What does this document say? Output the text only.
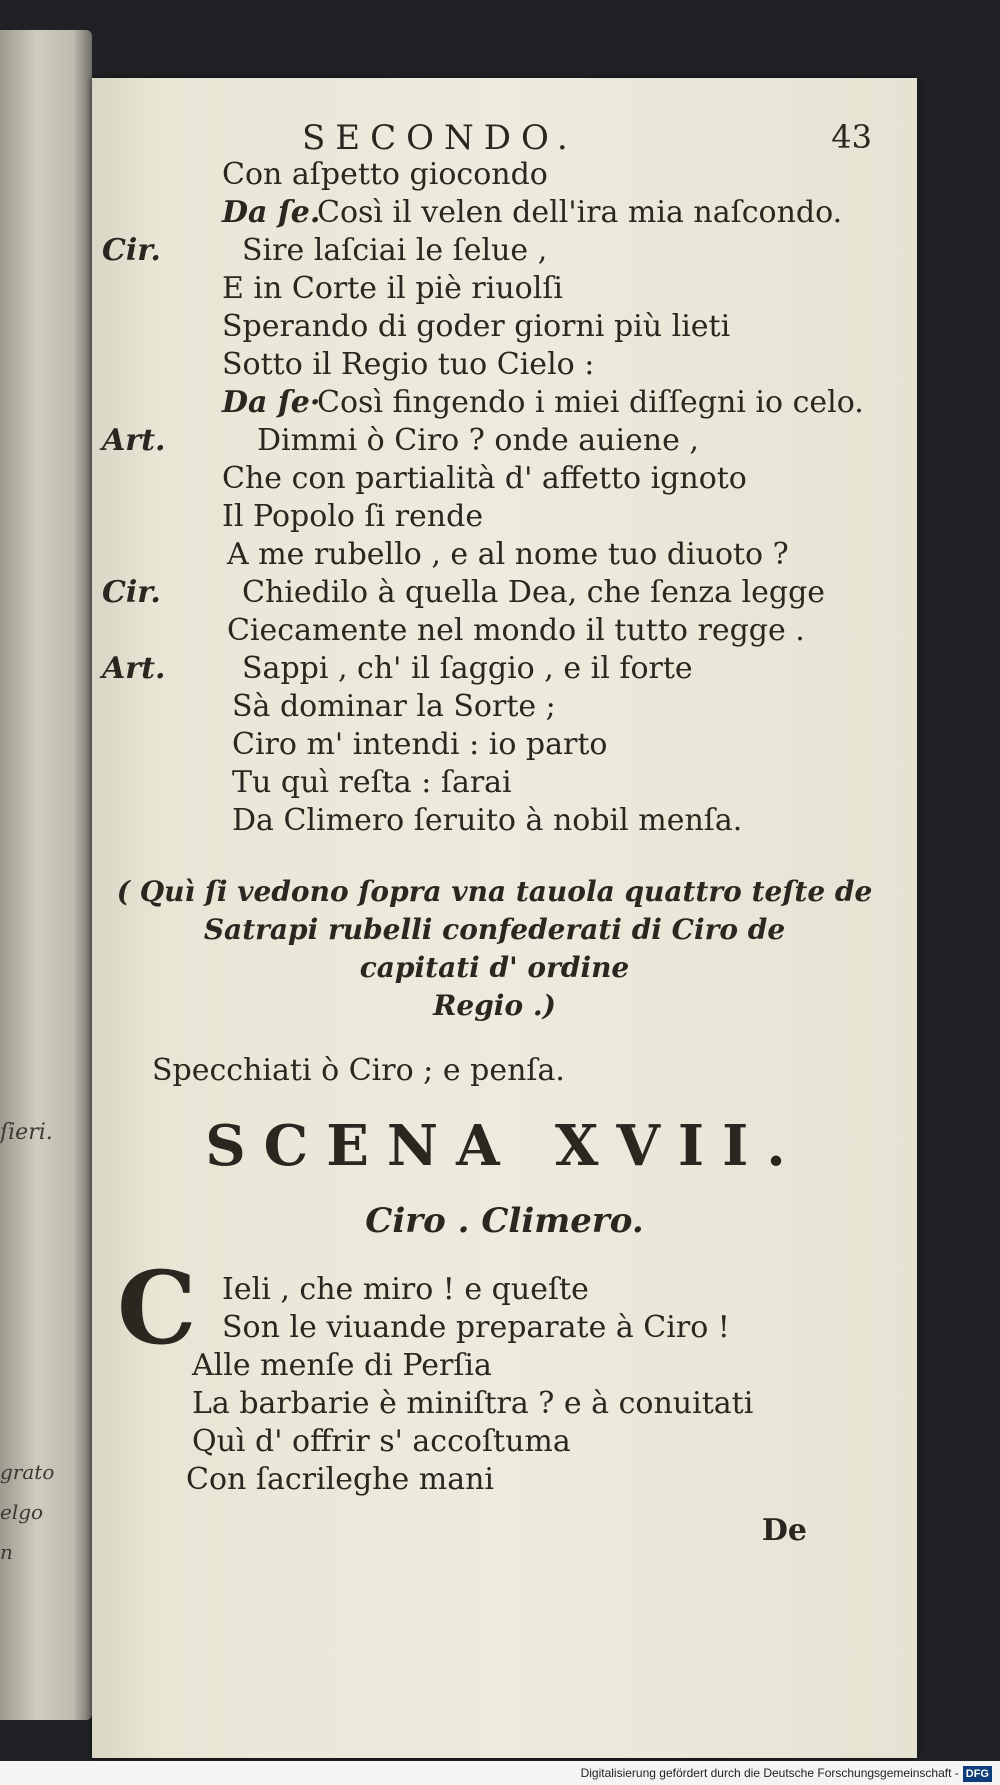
ſieri.
grato
elgo
n
SECONDO.	43
Con aſpetto giocondo
Da ſe.
Così il velen dell'ira mia naſcondo.
Cir.	Sire laſciai le ſelue ,
E in Corte il piè riuolſi
Sperando di goder giorni più lieti
Sotto il Regio tuo Cielo :
Da ſe·
Così fingendo i miei diſſegni io celo.
Art.	Dimmi ò Ciro ? onde auiene ,
Che con partialità d' affetto ignoto
Il Popolo ſi rende
A me rubello , e al nome tuo diuoto ?
Cir.	Chiedilo à quella Dea, che ſenza legge
Ciecamente nel mondo il tutto regge .
Art.	Sappi , ch' il ſaggio , e il forte
Sà dominar la Sorte ;
Ciro m' intendi : io parto
Tu quì reſta : ſarai
Da Climero ſeruito à nobil menſa.
( Quì ſi vedono ſopra vna tauola quattro teſte de
Satrapi rubelli confederati di Ciro de
capitati d' ordine
Regio .)
Specchiati ò Ciro ; e penſa.
SCENA XVII.
Ciro . Climero.
C Ieli , che miro ! e queſte
Son le viuande preparate à Ciro !
Alle menſe di Perſia
La barbarie è miniſtra ? e à conuitati
Quì d' offrir s' accoſtuma
Con ſacrileghe mani
De
Digitalisierung gefördert durch die Deutsche Forschungsgemeinschaft - DFG
